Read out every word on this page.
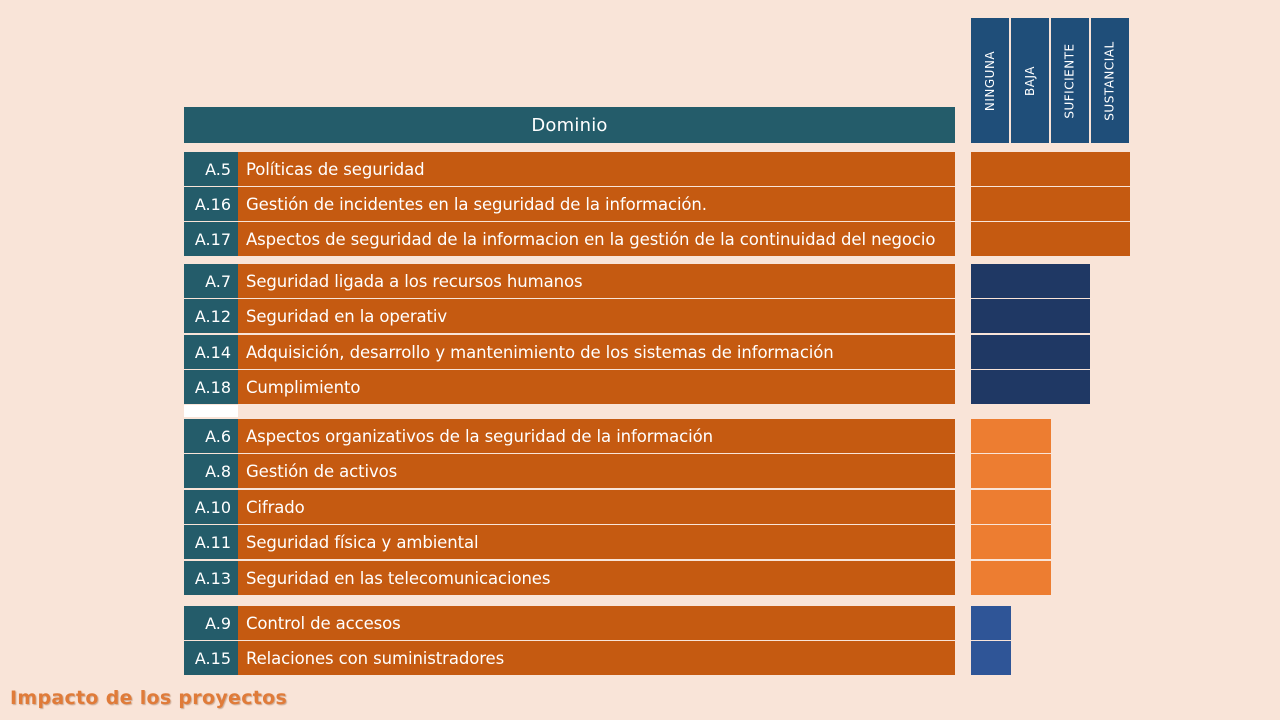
Dominio
NINGUNA BAJA SUFICIENTE SUSTANCIAL
A.5 Políticas de seguridad
A.16 Gestión de incidentes en la seguridad de la información.
A.17 Aspectos de seguridad de la informacion en la gestión de la continuidad del negocio
A.7 Seguridad ligada a los recursos humanos
A.12 Seguridad en la operativ
A.14 Adquisición, desarrollo y mantenimiento de los sistemas de información
A.18 Cumplimiento
A.6 Aspectos organizativos de la seguridad de la información
A.8 Gestión de activos
A.10 Cifrado
A.11 Seguridad física y ambiental
A.13 Seguridad en las telecomunicaciones
A.9 Control de accesos
A.15 Relaciones con suministradores
Impacto de los proyectos
